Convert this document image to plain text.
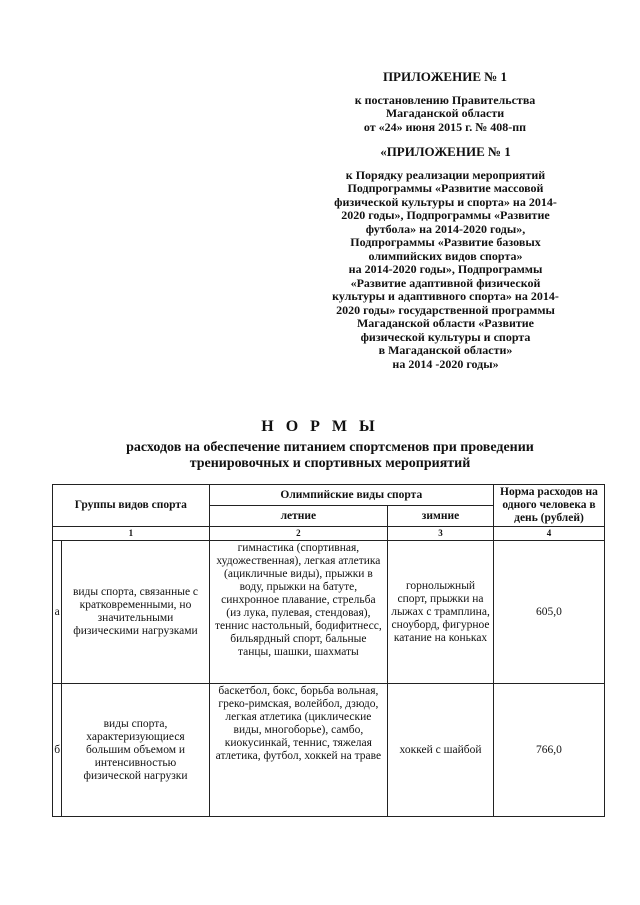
ПРИЛОЖЕНИЕ № 1
к постановлению Правительства
Магаданской области
от «24» июня 2015 г. № 408-пп
«ПРИЛОЖЕНИЕ № 1
к Порядку реализации мероприятий
Подпрограммы «Развитие массовой
физической культуры и спорта» на 2014-
2020 годы», Подпрограммы «Развитие
футбола» на 2014-2020 годы»,
Подпрограммы «Развитие базовых
олимпийских видов спорта»
на 2014-2020 годы», Подпрограммы
«Развитие адаптивной физической
культуры и адаптивного спорта» на 2014-
2020 годы» государственной программы
Магаданской области «Развитие
физической культуры и спорта
в Магаданской области»
на 2014 -2020 годы»
Н О Р М Ы
расходов на обеспечение питанием спортсменов при проведении
тренировочных и спортивных мероприятий
Группы видов спорта		Олимпийские виды спорта		Норма расходов на одного человека в день (рублей)
		летние	зимние	
1		2	3	4
а	виды спорта, связанные с кратковременными, но значительными физическими нагрузками	гимнастика (спортивная, художественная), легкая атлетика (ацикличные виды), прыжки в воду, прыжки на батуте, синхронное плавание, стрельба (из лука, пулевая, стендовая), теннис настольный, бодифитнесс, бильярдный спорт, бальные танцы, шашки, шахматы	горнолыжный спорт, прыжки на лыжах с трамплина, сноуборд, фигурное катание на коньках	605,0
б	виды спорта, характеризующиеся большим объемом и интенсивностью физической нагрузки	баскетбол, бокс, борьба вольная, греко-римская, волейбол, дзюдо, легкая атлетика (циклические виды, многоборье), самбо, киокусинкай, теннис, тяжелая атлетика, футбол, хоккей на траве	хоккей с шайбой	766,0
